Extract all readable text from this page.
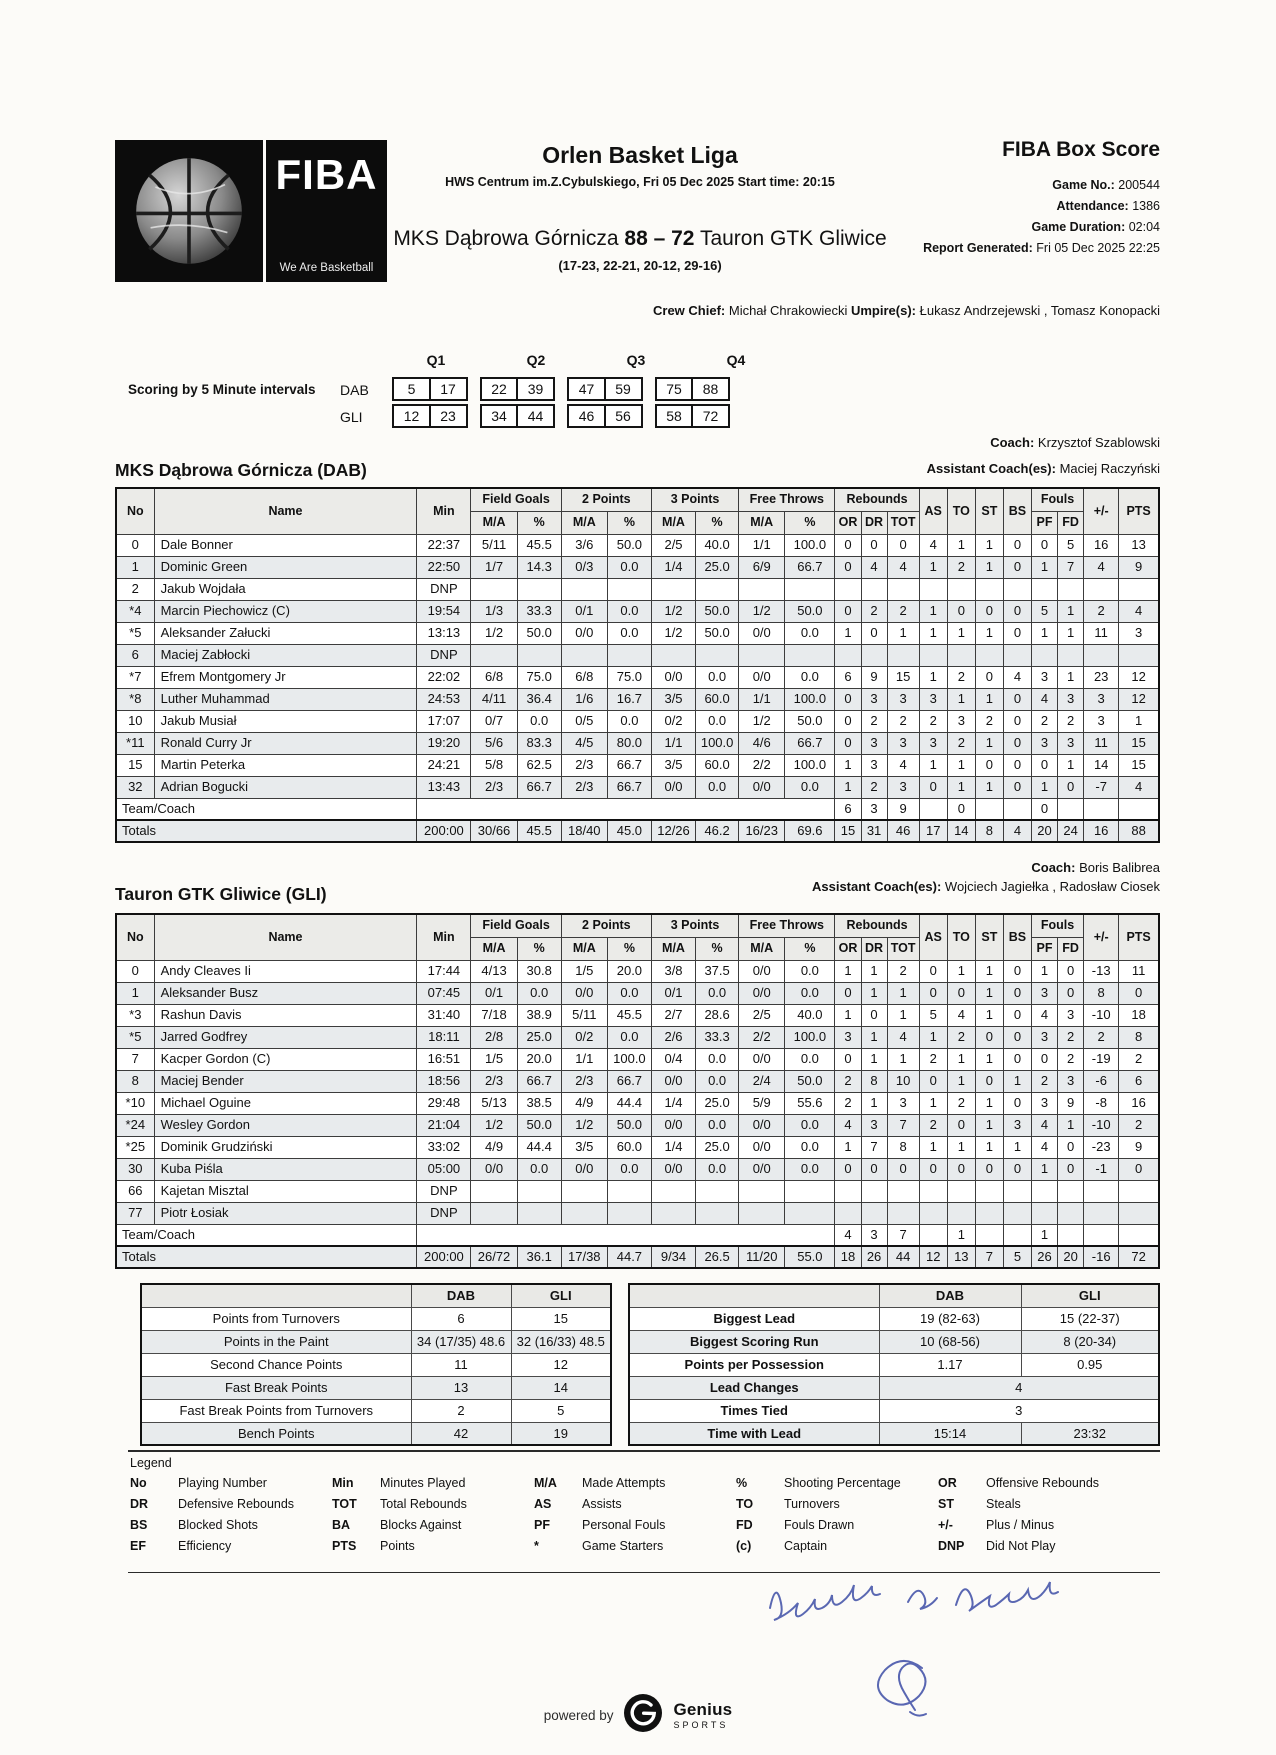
FIBA
We Are Basketball
Orlen Basket Liga
HWS Centrum im.Z.Cybulskiego, Fri 05 Dec 2025 Start time: 20:15
MKS Dąbrowa Górnicza 88 – 72 Tauron GTK Gliwice
(17-23, 22-21, 20-12, 29-16)
FIBA Box Score
Game No.: 200544
Attendance: 1386
Game Duration: 02:04
Report Generated: Fri 05 Dec 2025 22:25
Crew Chief: Michał Chrakowiecki Umpire(s): Łukasz Andrzejewski , Tomasz Konopacki
Scoring by 5 Minute intervals
Q1	Q2	Q3	Q4
DAB	5	17	22	39	47	59	75	88
GLI	12	23	34	44	46	56	58	72
Coach: Krzysztof Szablowski
Assistant Coach(es): Maciej Raczyński
MKS Dąbrowa Górnicza (DAB)
No	Name	Min	Field Goals		2 Points		3 Points		Free Throws		Rebounds			AS	TO	ST	BS	Fouls		+/-	PTS
			M/A	%	M/A	%	M/A	%	M/A	%	OR	DR	TOT					PF	FD		
0	Dale Bonner	22:37	5/11	45.5	3/6	50.0	2/5	40.0	1/1	100.0	0	0	0	4	1	1	0	0	5	16	13
1	Dominic Green	22:50	1/7	14.3	0/3	0.0	1/4	25.0	6/9	66.7	0	4	4	1	2	1	0	1	7	4	9
2	Jakub Wojdała	DNP																			
*4	Marcin Piechowicz (C)	19:54	1/3	33.3	0/1	0.0	1/2	50.0	1/2	50.0	0	2	2	1	0	0	0	5	1	2	4
*5	Aleksander Załucki	13:13	1/2	50.0	0/0	0.0	1/2	50.0	0/0	0.0	1	0	1	1	1	1	0	1	1	11	3
6	Maciej Zabłocki	DNP																			
*7	Efrem Montgomery Jr	22:02	6/8	75.0	6/8	75.0	0/0	0.0	0/0	0.0	6	9	15	1	2	0	4	3	1	23	12
*8	Luther Muhammad	24:53	4/11	36.4	1/6	16.7	3/5	60.0	1/1	100.0	0	3	3	3	1	1	0	4	3	3	12
10	Jakub Musiał	17:07	0/7	0.0	0/5	0.0	0/2	0.0	1/2	50.0	0	2	2	2	3	2	0	2	2	3	1
*11	Ronald Curry Jr	19:20	5/6	83.3	4/5	80.0	1/1	100.0	4/6	66.7	0	3	3	3	2	1	0	3	3	11	15
15	Martin Peterka	24:21	5/8	62.5	2/3	66.7	3/5	60.0	2/2	100.0	1	3	4	1	1	0	0	0	1	14	15
32	Adrian Bogucki	13:43	2/3	66.7	2/3	66.7	0/0	0.0	0/0	0.0	1	2	3	0	1	1	0	1	0	-7	4
Team/Coach											6	3	9		0			0			
Totals		200:00	30/66	45.5	18/40	45.0	12/26	46.2	16/23	69.6	15	31	46	17	14	8	4	20	24	16	88
Coach: Boris Balibrea
Assistant Coach(es): Wojciech Jagiełka , Radosław Ciosek
Tauron GTK Gliwice (GLI)
No	Name	Min	Field Goals		2 Points		3 Points		Free Throws		Rebounds			AS	TO	ST	BS	Fouls		+/-	PTS
			M/A	%	M/A	%	M/A	%	M/A	%	OR	DR	TOT					PF	FD		
0	Andy Cleaves Ii	17:44	4/13	30.8	1/5	20.0	3/8	37.5	0/0	0.0	1	1	2	0	1	1	0	1	0	-13	11
1	Aleksander Busz	07:45	0/1	0.0	0/0	0.0	0/1	0.0	0/0	0.0	0	1	1	0	0	1	0	3	0	8	0
*3	Rashun Davis	31:40	7/18	38.9	5/11	45.5	2/7	28.6	2/5	40.0	1	0	1	5	4	1	0	4	3	-10	18
*5	Jarred Godfrey	18:11	2/8	25.0	0/2	0.0	2/6	33.3	2/2	100.0	3	1	4	1	2	0	0	3	2	2	8
7	Kacper Gordon (C)	16:51	1/5	20.0	1/1	100.0	0/4	0.0	0/0	0.0	0	1	1	2	1	1	0	0	2	-19	2
8	Maciej Bender	18:56	2/3	66.7	2/3	66.7	0/0	0.0	2/4	50.0	2	8	10	0	1	0	1	2	3	-6	6
*10	Michael Oguine	29:48	5/13	38.5	4/9	44.4	1/4	25.0	5/9	55.6	2	1	3	1	2	1	0	3	9	-8	16
*24	Wesley Gordon	21:04	1/2	50.0	1/2	50.0	0/0	0.0	0/0	0.0	4	3	7	2	0	1	3	4	1	-10	2
*25	Dominik Grudziński	33:02	4/9	44.4	3/5	60.0	1/4	25.0	0/0	0.0	1	7	8	1	1	1	1	4	0	-23	9
30	Kuba Piśla	05:00	0/0	0.0	0/0	0.0	0/0	0.0	0/0	0.0	0	0	0	0	0	0	0	1	0	-1	0
66	Kajetan Misztal	DNP																			
77	Piotr Łosiak	DNP																			
Team/Coach											4	3	7		1			1			
Totals		200:00	26/72	36.1	17/38	44.7	9/34	26.5	11/20	55.0	18	26	44	12	13	7	5	26	20	-16	72
	DAB	GLI
Points from Turnovers	6	15
Points in the Paint	34 (17/35) 48.6	32 (16/33) 48.5
Second Chance Points	11	12
Fast Break Points	13	14
Fast Break Points from Turnovers	2	5
Bench Points	42	19
	DAB	GLI
Biggest Lead	19 (82-63)	15 (22-37)
Biggest Scoring Run	10 (68-56)	8 (20-34)
Points per Possession	1.17	0.95
Lead Changes	4	
Times Tied	3	
Time with Lead	15:14	23:32
Legend
No	Playing Number	Min	Minutes Played	M/A	Made Attempts	%	Shooting Percentage	OR	Offensive Rebounds
DR	Defensive Rebounds	TOT	Total Rebounds	AS	Assists	TO	Turnovers	ST	Steals
BS	Blocked Shots	BA	Blocks Against	PF	Personal Fouls	FD	Fouls Drawn	+/-	Plus / Minus
EF	Efficiency	PTS	Points	*	Game Starters	(c)	Captain	DNP	Did Not Play
powered by	Genius
SPORTS
